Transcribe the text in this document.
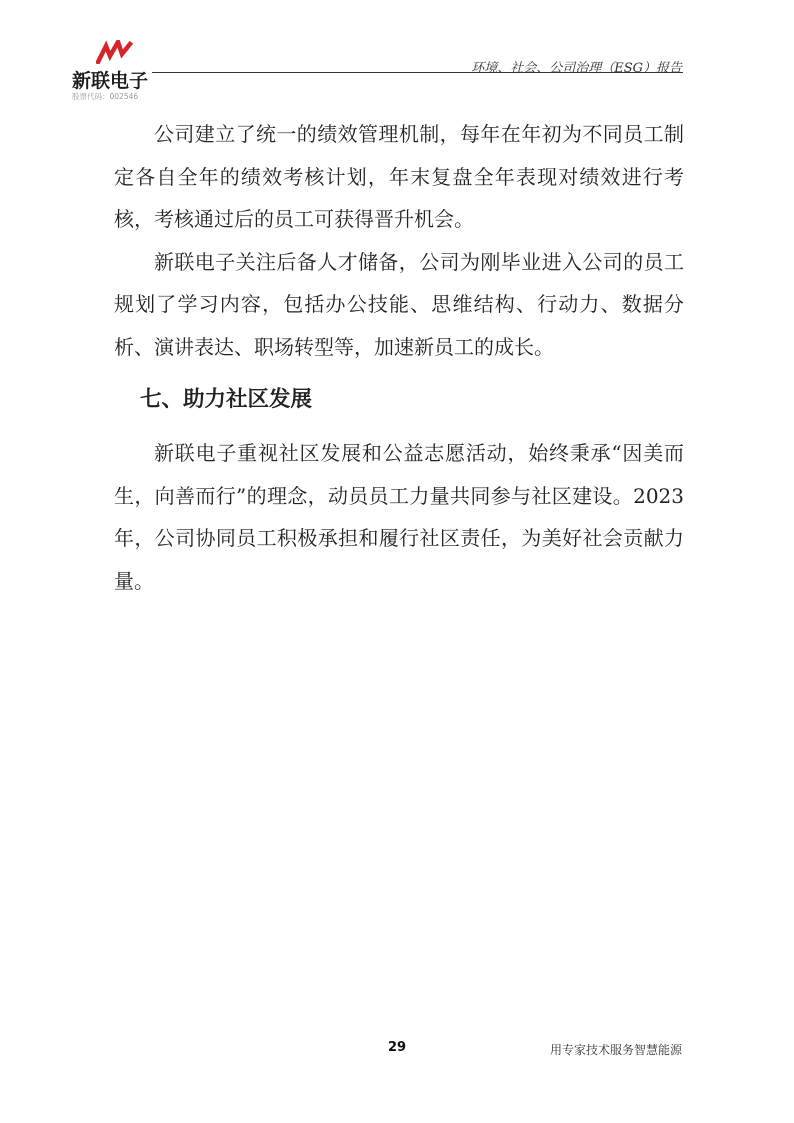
新联电子
股票代码：002546
环境、社会、公司治理（ESG）报告

公司建立了统一的绩效管理机制，每年在年初为不同员工制定各自全年的绩效考核计划，年末复盘全年表现对绩效进行考核，考核通过后的员工可获得晋升机会。

新联电子关注后备人才储备，公司为刚毕业进入公司的员工规划了学习内容，包括办公技能、思维结构、行动力、数据分析、演讲表达、职场转型等，加速新员工的成长。

七、助力社区发展

新联电子重视社区发展和公益志愿活动，始终秉承“因美而生，向善而行”的理念，动员员工力量共同参与社区建设。2023年，公司协同员工积极承担和履行社区责任，为美好社会贡献力量。

29	用专家技术服务智慧能源
